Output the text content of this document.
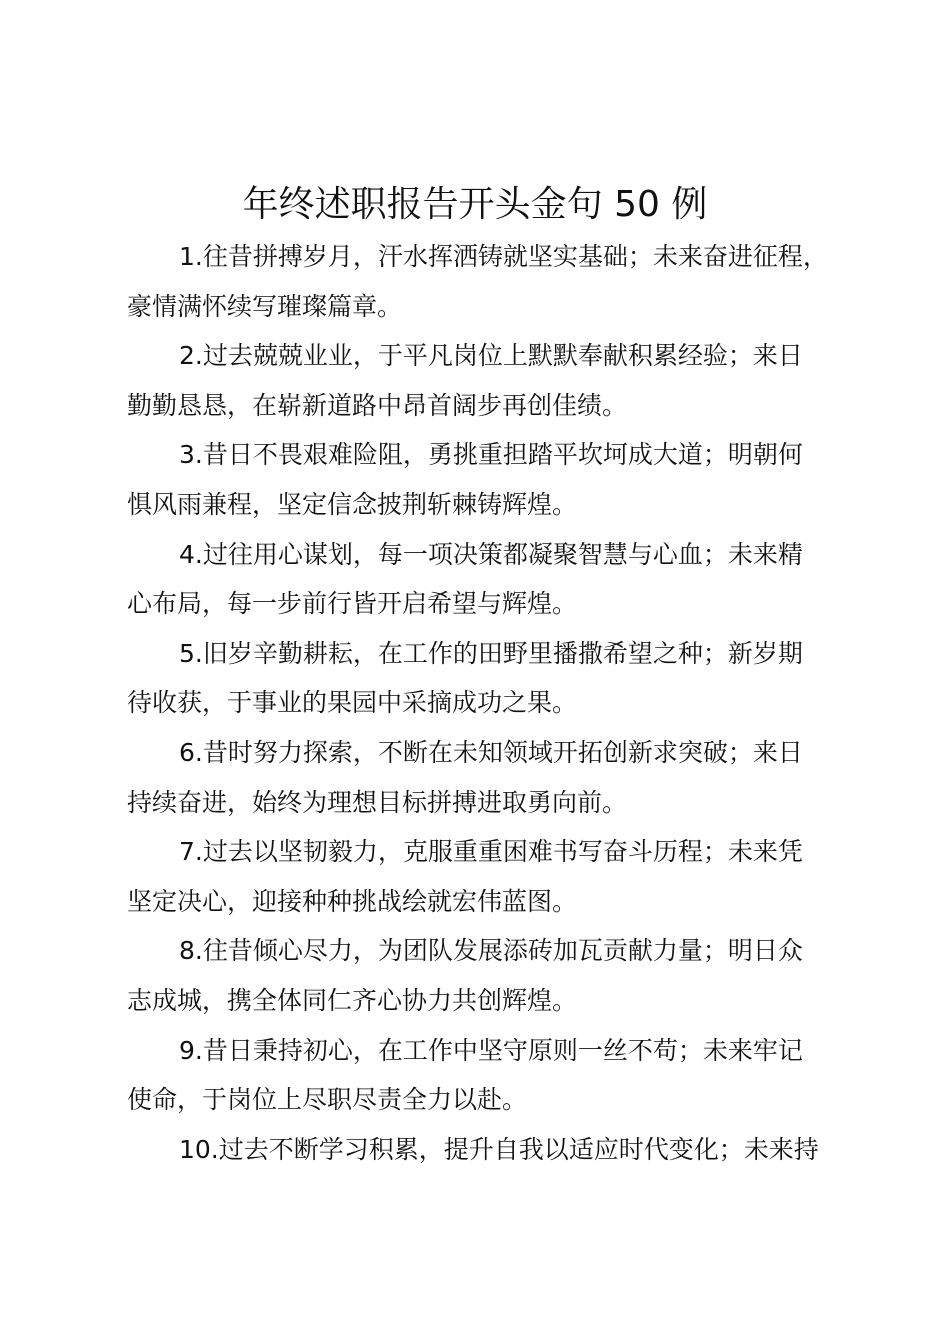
年终述职报告开头金句 50 例

1.往昔拼搏岁月，汗水挥洒铸就坚实基础；未来奋进征程，
豪情满怀续写璀璨篇章。

2.过去兢兢业业，于平凡岗位上默默奉献积累经验；来日
勤勤恳恳，在崭新道路中昂首阔步再创佳绩。

3.昔日不畏艰难险阻，勇挑重担踏平坎坷成大道；明朝何
惧风雨兼程，坚定信念披荆斩棘铸辉煌。

4.过往用心谋划，每一项决策都凝聚智慧与心血；未来精
心布局，每一步前行皆开启希望与辉煌。

5.旧岁辛勤耕耘，在工作的田野里播撒希望之种；新岁期
待收获，于事业的果园中采摘成功之果。

6.昔时努力探索，不断在未知领域开拓创新求突破；来日
持续奋进，始终为理想目标拼搏进取勇向前。

7.过去以坚韧毅力，克服重重困难书写奋斗历程；未来凭
坚定决心，迎接种种挑战绘就宏伟蓝图。

8.往昔倾心尽力，为团队发展添砖加瓦贡献力量；明日众
志成城，携全体同仁齐心协力共创辉煌。

9.昔日秉持初心，在工作中坚守原则一丝不苟；未来牢记
使命，于岗位上尽职尽责全力以赴。

10.过去不断学习积累，提升自我以适应时代变化；未来持
